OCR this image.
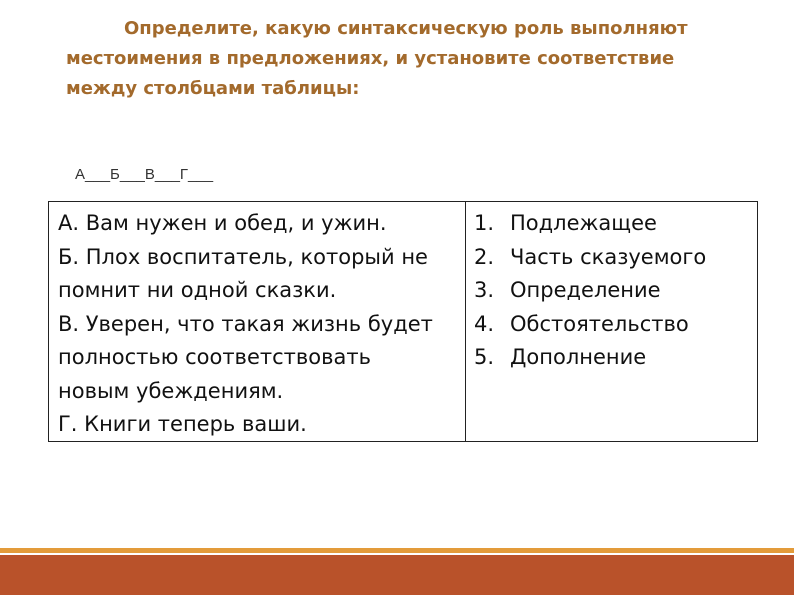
Определите, какую синтаксическую роль выполняют
местоимения в предложениях, и установите соответствие
между столбцами таблицы:
А___Б___В___Г___
А. Вам нужен и обед, и ужин.
Б. Плох воспитатель, который не
помнит ни одной сказки.
В. Уверен, что такая жизнь будет
полностью соответствовать
новым убеждениям.
Г. Книги теперь ваши.
1. Подлежащее
2. Часть сказуемого
3. Определение
4. Обстоятельство
5. Дополнение
